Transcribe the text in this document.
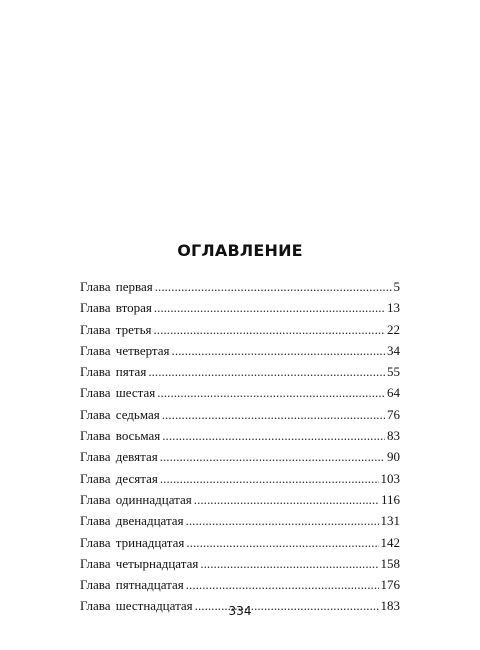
ОГЛАВЛЕНИЕ
Глава первая . . .	5
Глава вторая . . .	13
Глава третья . . .	22
Глава четвертая . . .	34
Глава пятая . . .	55
Глава шестая . . .	64
Глава седьмая . . .	76
Глава восьмая . . .	83
Глава девятая . . .	90
Глава десятая . . .	103
Глава одиннадцатая . . .	116
Глава двенадцатая . . .	131
Глава тринадцатая . . .	142
Глава четырнадцатая . . .	158
Глава пятнадцатая . . .	176
Глава шестнадцатая . . .	183
334
